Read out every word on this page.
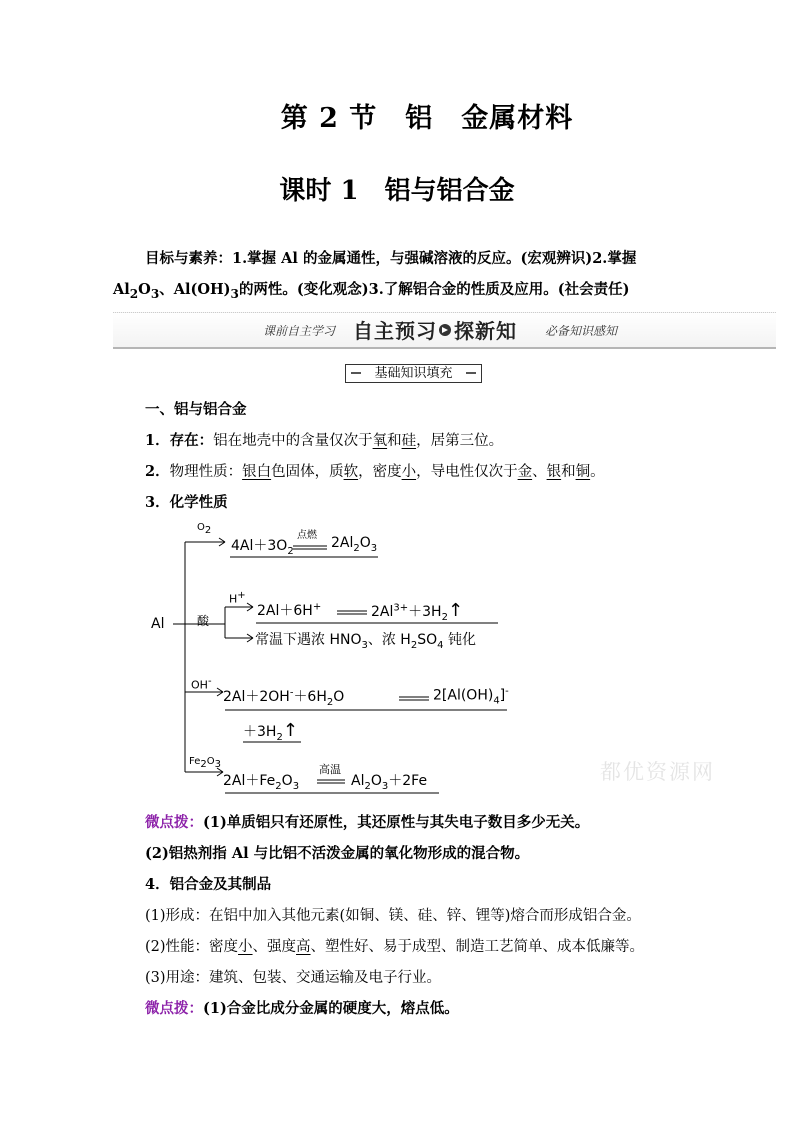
第 2 节　铝　金属材料
课时 1　铝与铝合金
目标与素养：1.掌握 Al 的金属通性，与强碱溶液的反应。(宏观辨识)2.掌握
$Al_2O_3$、$Al(OH)_3$的两性。(变化观念)3.了解铝合金的性质及应用。(社会责任)
课前自主学习 自主预习 探新知 必备知识感知
基础知识填充
一、铝与铝合金
1．存在：铝在地壳中的含量仅次于氧和硅，居第三位。
2．物理性质：银白色固体，质软，密度小，导电性仅次于金、银和铜。
3．化学性质
Al
$O_2$
$4Al+3O_2$
点燃 $2Al_2O_3$
酸
H+
2Al＋6H+	$2Al^{3+}+3H_2↑$
常温下遇浓 $HNO_3$、浓 $H_2SO_4$ 钝化
OH-
$2Al+2OH^-+6H_2O$	$2[Al(OH)_4]^-$
$+3H_2↑$
$Fe_2O_3$
$2Al+Fe_2O_3$
高温
$Al_2O_3+2Fe$	都优资源网
微点拨：(1)单质铝只有还原性，其还原性与其失电子数目多少无关。
(2)铝热剂指 Al 与比铝不活泼金属的氧化物形成的混合物。
4．铝合金及其制品
(1)形成：在铝中加入其他元素(如铜、镁、硅、锌、锂等)熔合而形成铝合金。
(2)性能：密度小、强度高、塑性好、易于成型、制造工艺简单、成本低廉等。
(3)用途：建筑、包装、交通运输及电子行业。
微点拨：(1)合金比成分金属的硬度大，熔点低。
